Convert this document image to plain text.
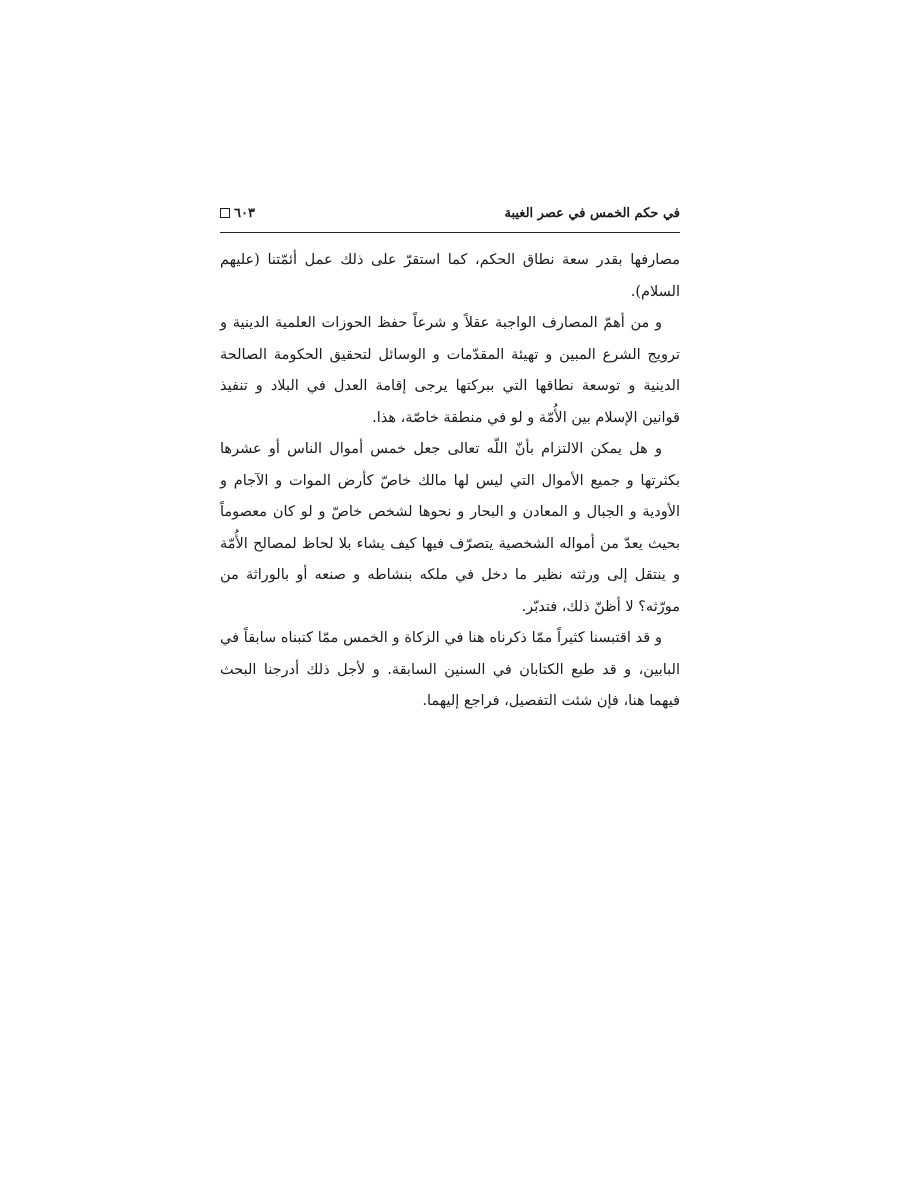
في حكم الخمس في عصر الغيبة
٦٠٣

مصارفها بقدر سعة نطاق الحكم، كما استقرّ على ذلك عمل أئمّتنا (عليهم السلام).

و من أهمّ المصارف الواجبة عقلاً و شرعاً حفظ الحوزات العلمية الدينية و ترويج الشرع المبين و تهيئة المقدّمات و الوسائل لتحقيق الحكومة الصالحة الدينية و توسعة نطاقها التي ببركتها يرجى إقامة العدل في البلاد و تنفيذ قوانين الإسلام بين الأُمّة و لو في منطقة خاصّة، هذا.

و هل يمكن الالتزام بأنّ اللّه تعالى جعل خمس أموال الناس أو عشرها بكثرتها و جميع الأموال التي ليس لها مالك خاصّ كأرض الموات و الآجام و الأودية و الجبال و المعادن و البحار و نحوها لشخص خاصّ و لو كان معصوماً بحيث يعدّ من أمواله الشخصية يتصرّف فيها كيف يشاء بلا لحاظ لمصالح الأُمّة و ينتقل إلى ورثته نظير ما دخل في ملكه بنشاطه و صنعه أو بالوراثة من مورّثه؟ لا أظنّ ذلك، فتدبّر.

و قد اقتبسنا كثيراً ممّا ذكرناه هنا في الزكاة و الخمس ممّا كتبناه سابقاً في البابين، و قد طبع الكتابان في السنين السابقة. و لأجل ذلك أدرجنا البحث فيهما هنا، فإن شئت التفصيل، فراجع إليهما.
